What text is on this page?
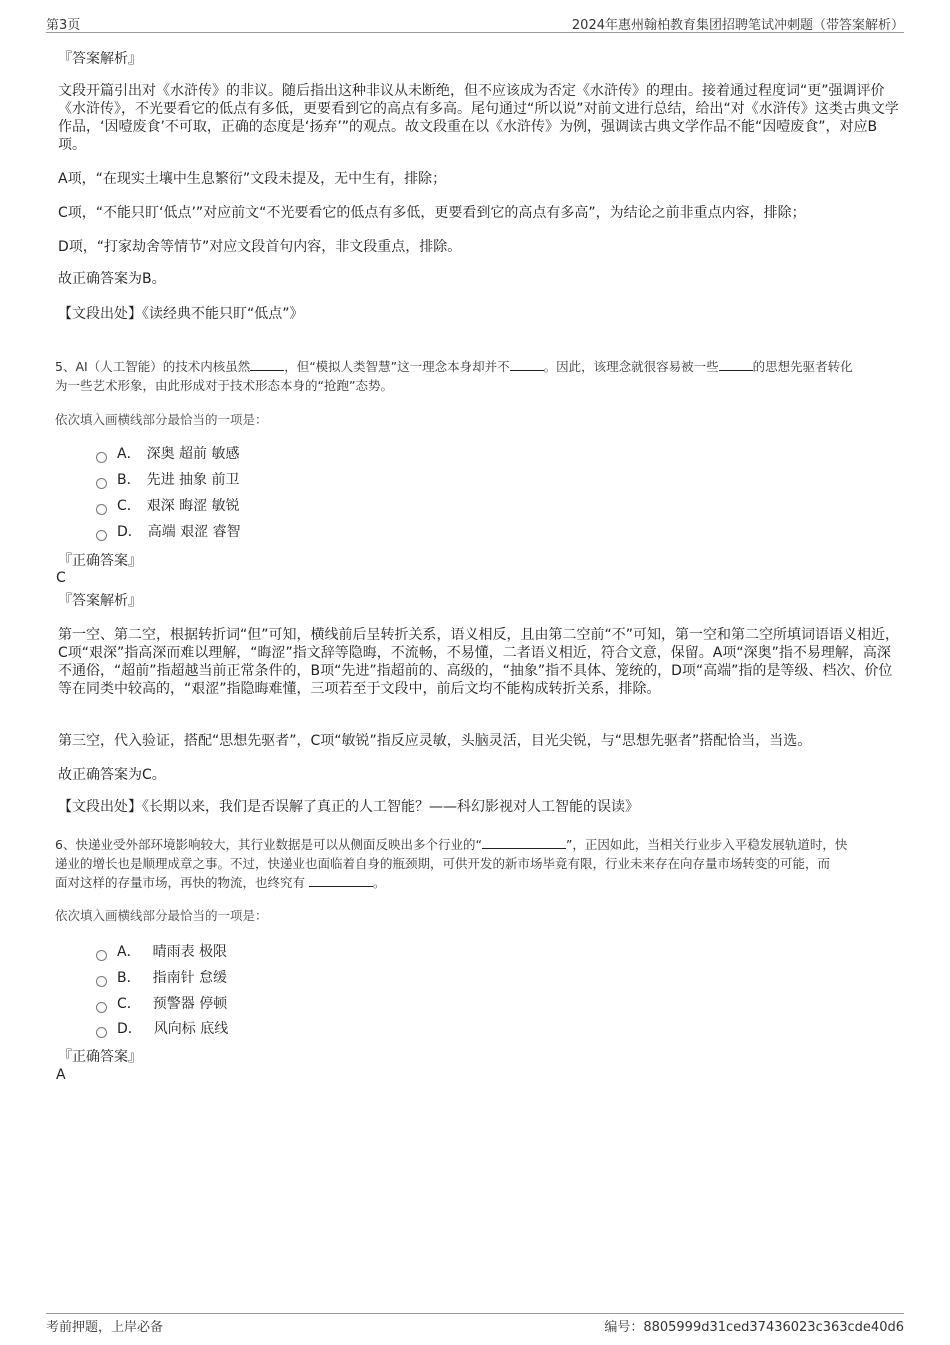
第3页	2024年惠州翰柏教育集团招聘笔试冲刺题（带答案解析）
『答案解析』
文段开篇引出对《水浒传》的非议。随后指出这种非议从未断绝，但不应该成为否定《水浒传》的理由。接着通过程度词“更”强调评价《水浒传》，不光要看它的低点有多低，更要看到它的高点有多高。尾句通过“所以说”对前文进行总结，给出“对《水浒传》这类古典文学作品，‘因噎废食’不可取，正确的态度是‘扬弃’”的观点。故文段重在以《水浒传》为例，强调读古典文学作品不能“因噎废食”，对应B项。
A项，“在现实土壤中生息繁衍”文段未提及，无中生有，排除；
C项，“不能只盯‘低点’”对应前文“不光要看它的低点有多低，更要看到它的高点有多高”，为结论之前非重点内容，排除；
D项，“打家劫舍等情节”对应文段首句内容，非文段重点，排除。
故正确答案为B。
【文段出处】《读经典不能只盯“低点”》
5、AI（人工智能）的技术内核虽然	，但“模拟人类智慧”这一理念本身却并不	。因此，该理念就很容易被一些	的思想先驱者转化
为一些艺术形象，由此形成对于技术形态本身的“抢跑”态势。
依次填入画横线部分最恰当的一项是：
A． 深奥 超前 敏感
B． 先进 抽象 前卫
C． 艰深 晦涩 敏锐
D． 高端 艰涩 睿智
『正确答案』
C
『答案解析』
第一空、第二空，根据转折词“但”可知，横线前后呈转折关系，语义相反，且由第二空前“不”可知，第一空和第二空所填词语语义相近，C项“艰深”指高深而难以理解，“晦涩”指文辞等隐晦，不流畅，不易懂，二者语义相近，符合文意，保留。A项“深奥”指不易理解，高深不通俗，“超前”指超越当前正常条件的，B项“先进”指超前的、高级的，“抽象”指不具体、笼统的，D项“高端”指的是等级、档次、价位等在同类中较高的，“艰涩”指隐晦难懂，三项若至于文段中，前后文均不能构成转折关系，排除。
第三空，代入验证，搭配“思想先驱者”，C项“敏锐”指反应灵敏，头脑灵活，目光尖锐，与“思想先驱者”搭配恰当，当选。
故正确答案为C。
【文段出处】《长期以来，我们是否误解了真正的人工智能？——科幻影视对人工智能的误读》
6、快递业受外部环境影响较大，其行业数据是可以从侧面反映出多个行业的“	”，正因如此，当相关行业步入平稳发展轨道时，快
递业的增长也是顺理成章之事。不过，快递业也面临着自身的瓶颈期，可供开发的新市场毕竟有限，行业未来存在向存量市场转变的可能，而
面对这样的存量市场，再快的物流，也终究有	。
依次填入画横线部分最恰当的一项是：
A． 晴雨表 极限
B． 指南针 怠缓
C． 预警器 停顿
D． 风向标 底线
『正确答案』
A
考前押题，上岸必备	编号：8805999d31ced37436023c363cde40d6
